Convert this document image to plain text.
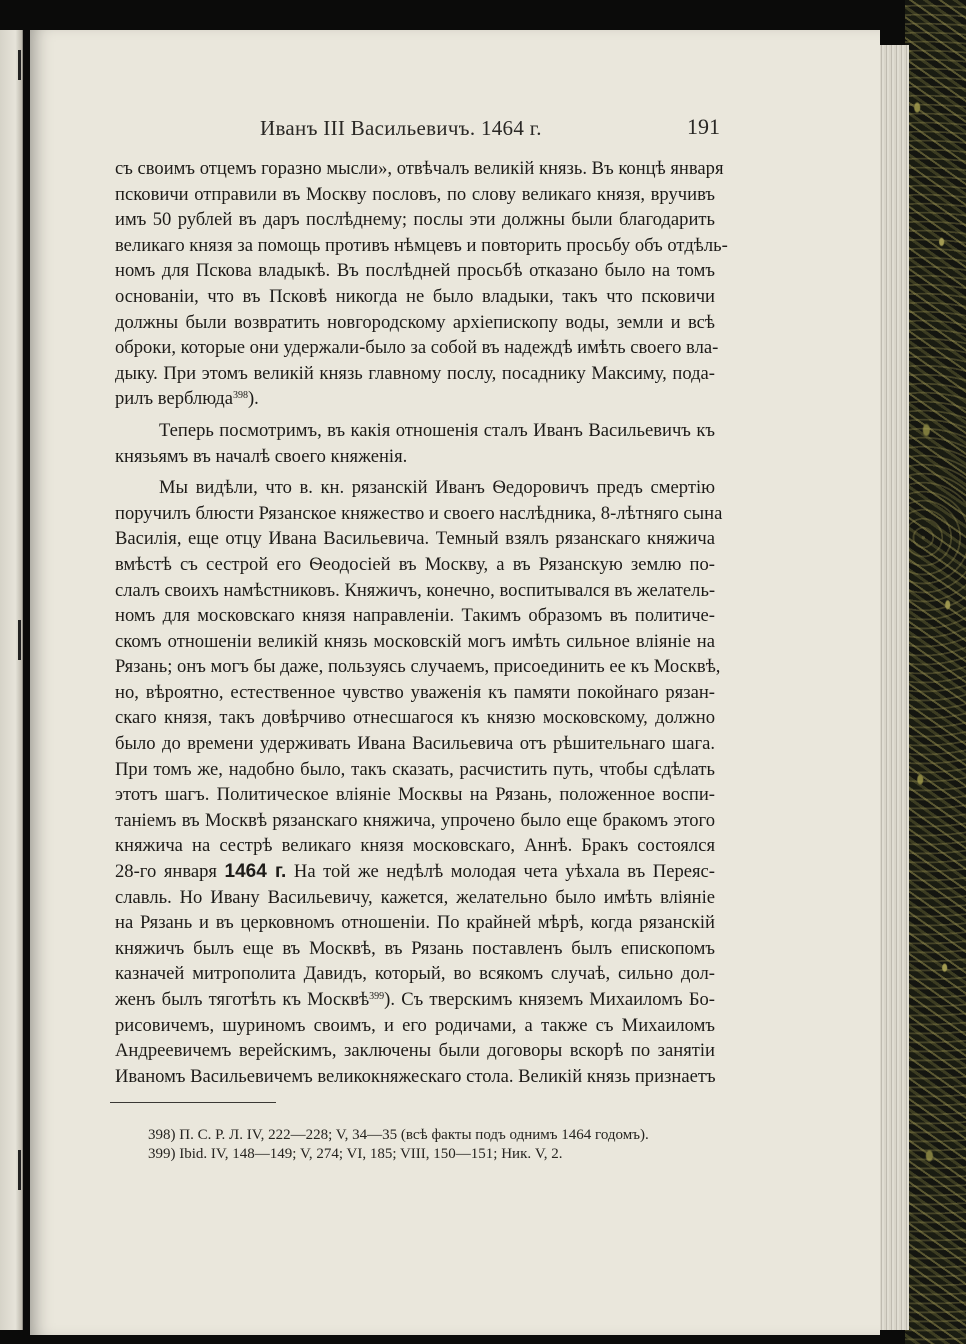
Иванъ III Васильевичъ. 1464 г.	191
съ своимъ отцемъ горазно мысли», отвѣчалъ великій князь. Въ концѣ января
псковичи отправили въ Москву пословъ, по слову великаго князя, вручивъ
имъ 50 рублей въ даръ послѣднему; послы эти должны были благодарить
великаго князя за помощь противъ нѣмцевъ и повторить просьбу объ отдѣль-
номъ для Пскова владыкѣ. Въ послѣдней просьбѣ отказано было на томъ
основаніи, что въ Псковѣ никогда не было владыки, такъ что псковичи
должны были возвратить новгородскому архіепископу воды, земли и всѣ
оброки, которые они удержали-было за собой въ надеждѣ имѣть своего вла-
дыку. При этомъ великій князь главному послу, посаднику Максиму, пода-
рилъ верблюда$^{398}$).
Теперь посмотримъ, въ какія отношенія сталъ Иванъ Васильевичъ къ
князьямъ въ началѣ своего княженія.
Мы видѣли, что в. кн. рязанскій Иванъ Ѳедоровичъ предъ смертію
поручилъ блюсти Рязанское княжество и своего наслѣдника, 8-лѣтняго сына
Василія, еще отцу Ивана Васильевича. Темный взялъ рязанскаго княжича
вмѣстѣ съ сестрой его Ѳеодосіей въ Москву, а въ Рязанскую землю по-
слалъ своихъ намѣстниковъ. Княжичъ, конечно, воспитывался въ желатель-
номъ для московскаго князя направленіи. Такимъ образомъ въ политиче-
скомъ отношеніи великій князь московскій могъ имѣть сильное вліяніе на
Рязань; онъ могъ бы даже, пользуясь случаемъ, присоединить ее къ Москвѣ,
но, вѣроятно, естественное чувство уваженія къ памяти покойнаго рязан-
скаго князя, такъ довѣрчиво отнесшагося къ князю московскому, должно
было до времени удерживать Ивана Васильевича отъ рѣшительнаго шага.
При томъ же, надобно было, такъ сказать, расчистить путь, чтобы сдѣлать
этотъ шагъ. Политическое вліяніе Москвы на Рязань, положенное воспи-
таніемъ въ Москвѣ рязанскаго княжича, упрочено было еще бракомъ этого
княжича на сестрѣ великаго князя московскаго, Аннѣ. Бракъ состоялся
28-го января 1464 г. На той же недѣлѣ молодая чета уѣхала въ Переяс-
славль. Но Ивану Васильевичу, кажется, желательно было имѣть вліяніе
на Рязань и въ церковномъ отношеніи. По крайней мѣрѣ, когда рязанскій
княжичъ былъ еще въ Москвѣ, въ Рязань поставленъ былъ епископомъ
казначей митрополита Давидъ, который, во всякомъ случаѣ, сильно дол-
женъ былъ тяготѣть къ Москвѣ$^{399}$). Съ тверскимъ княземъ Михаиломъ Бо-
рисовичемъ, шуриномъ своимъ, и его родичами, а также съ Михаиломъ
Андреевичемъ верейскимъ, заключены были договоры вскорѣ по занятіи
Иваномъ Васильевичемъ великокняжескаго стола. Великій князь признаетъ
398) П. С. Р. Л. IV, 222—228; V, 34—35 (всѣ факты подъ однимъ 1464 годомъ).
399) Ibid. IV, 148—149; V, 274; VI, 185; VIII, 150—151; Ник. V, 2.
